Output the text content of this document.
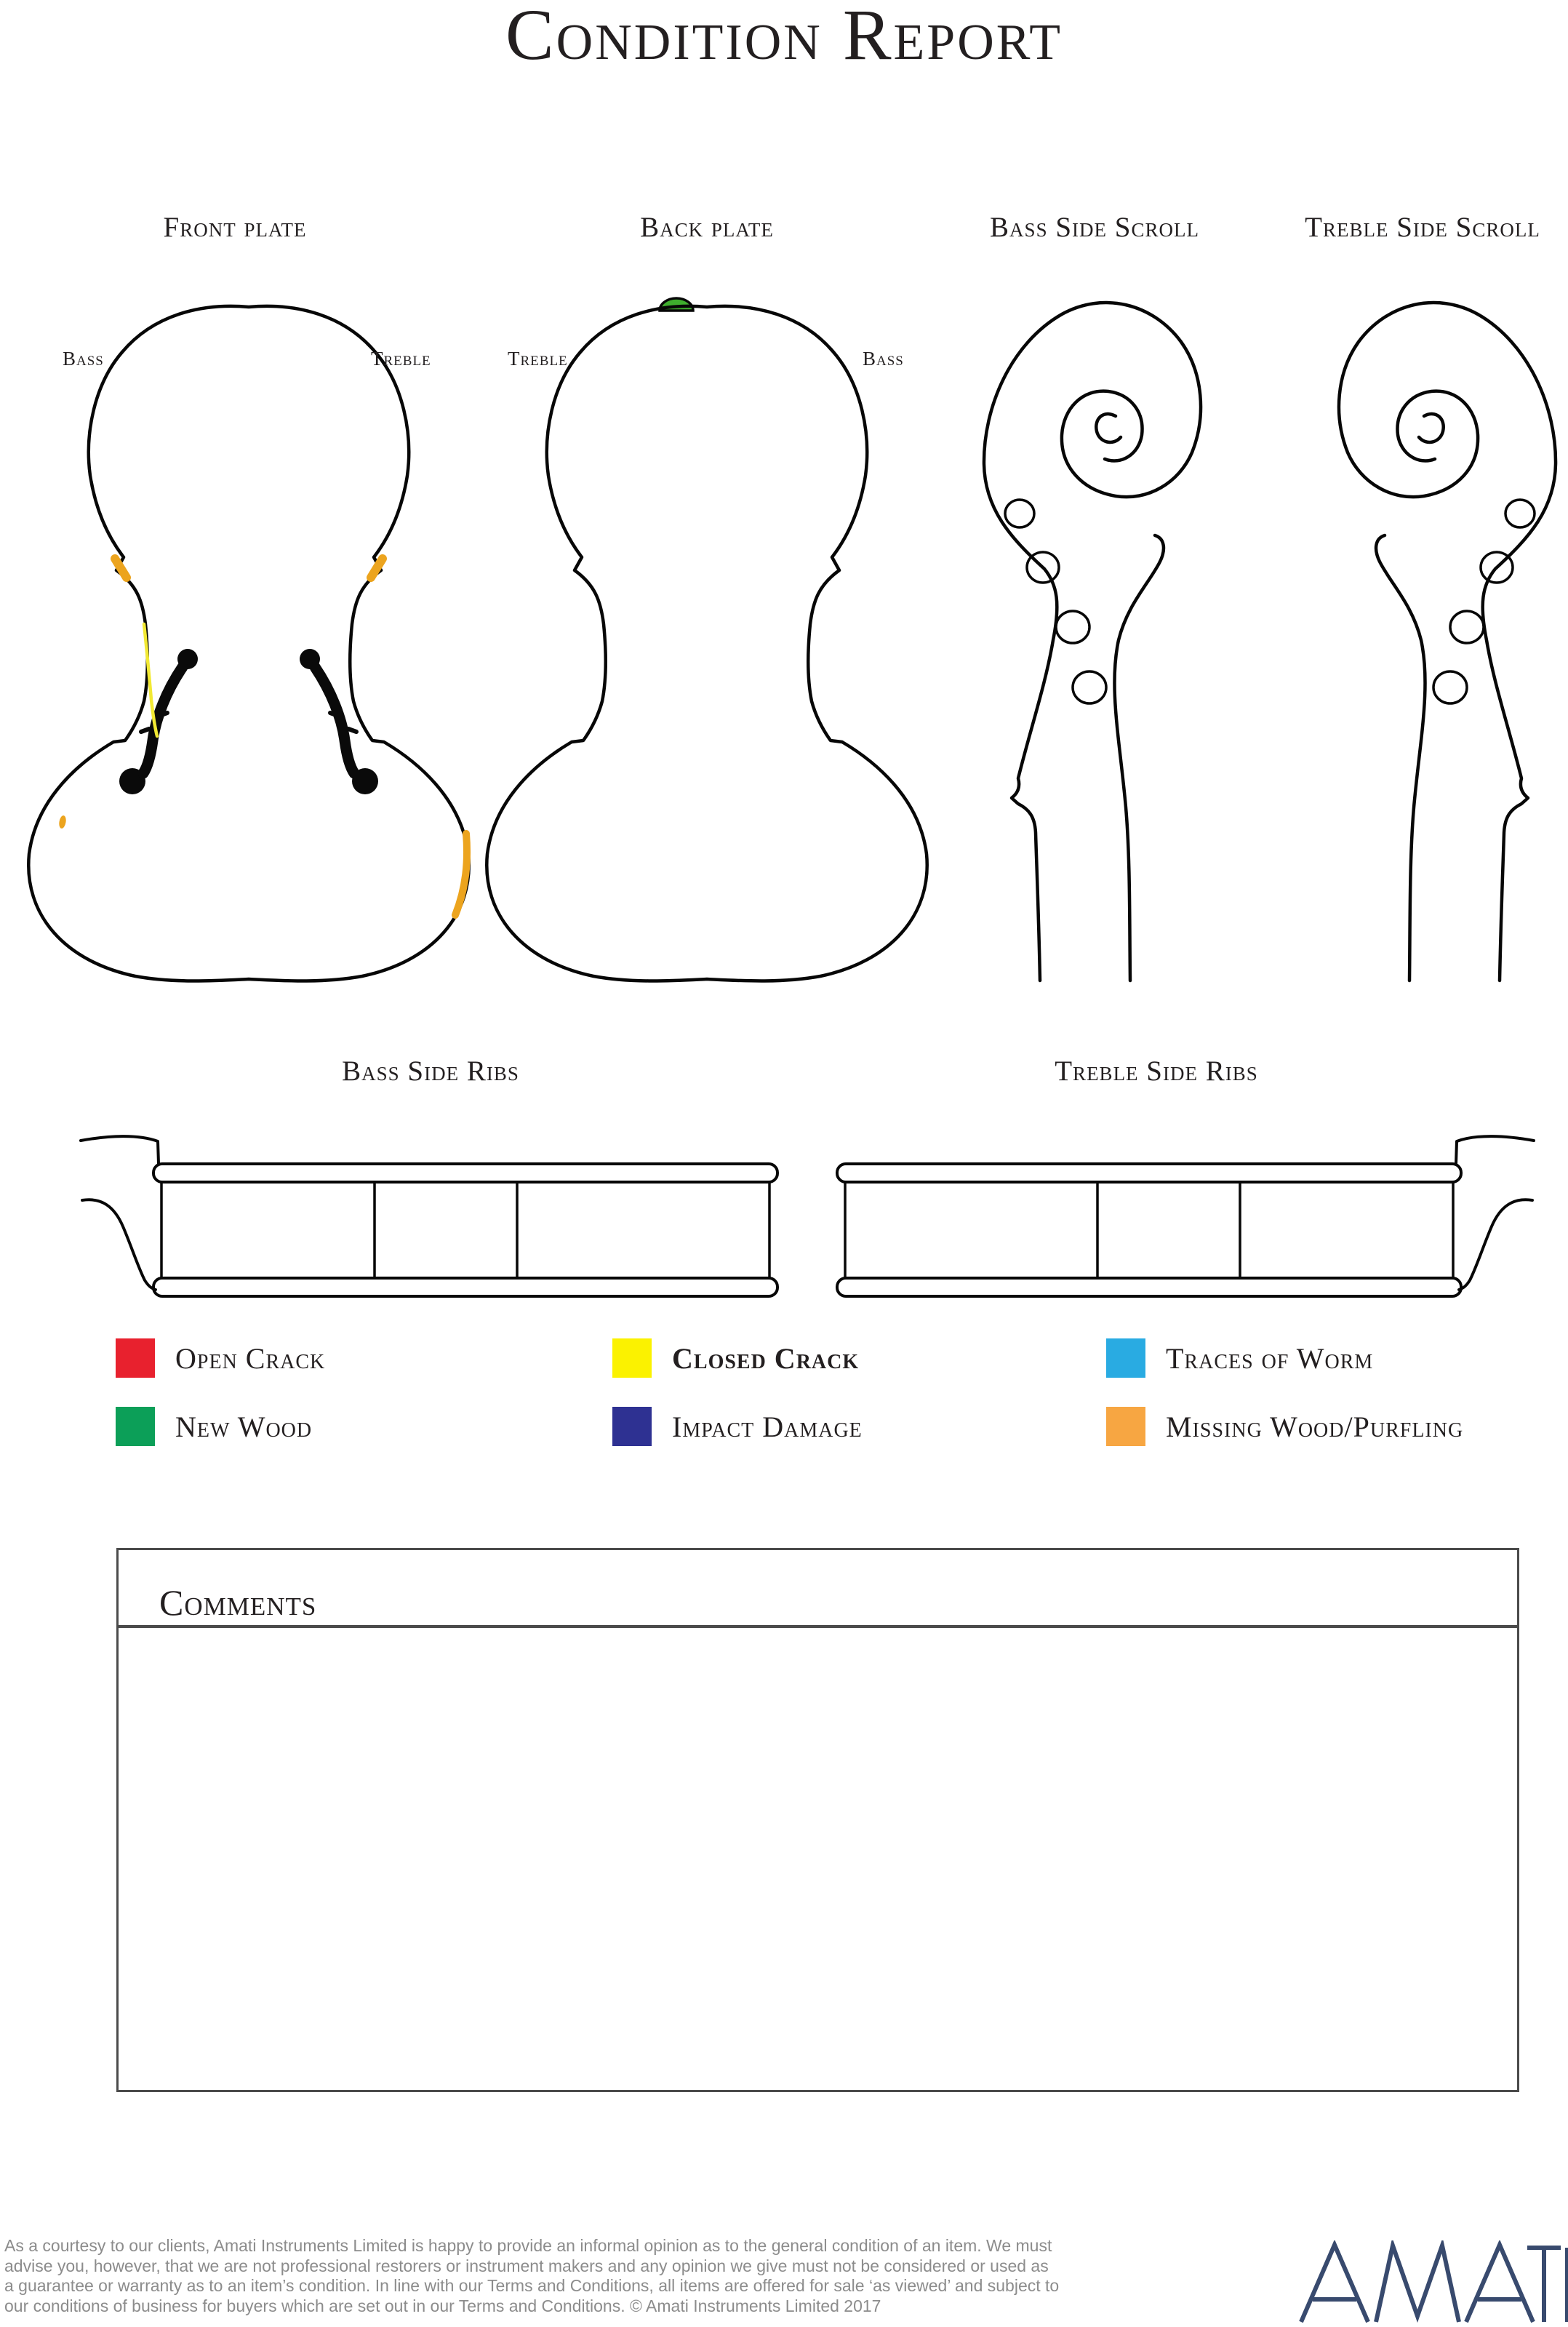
Condition Report
Front plate	Back plate	Bass Side Scroll	Treble Side Scroll
Bass	Treble	Treble	Bass
Bass Side Ribs	Treble Side Ribs
Open Crack	Closed Crack	Traces of Worm
New Wood	Impact Damage	Missing Wood/Purfling
Comments
As a courtesy to our clients, Amati Instruments Limited is happy to provide an informal opinion as to the general condition of an item. We must
advise you, however, that we are not professional restorers or instrument makers and any opinion we give must not be considered or used as
a guarantee or warranty as to an item’s condition. In line with our Terms and Conditions, all items are offered for sale ‘as viewed’ and subject to
our conditions of business for buyers which are set out in our Terms and Conditions. © Amati Instruments Limited 2017
